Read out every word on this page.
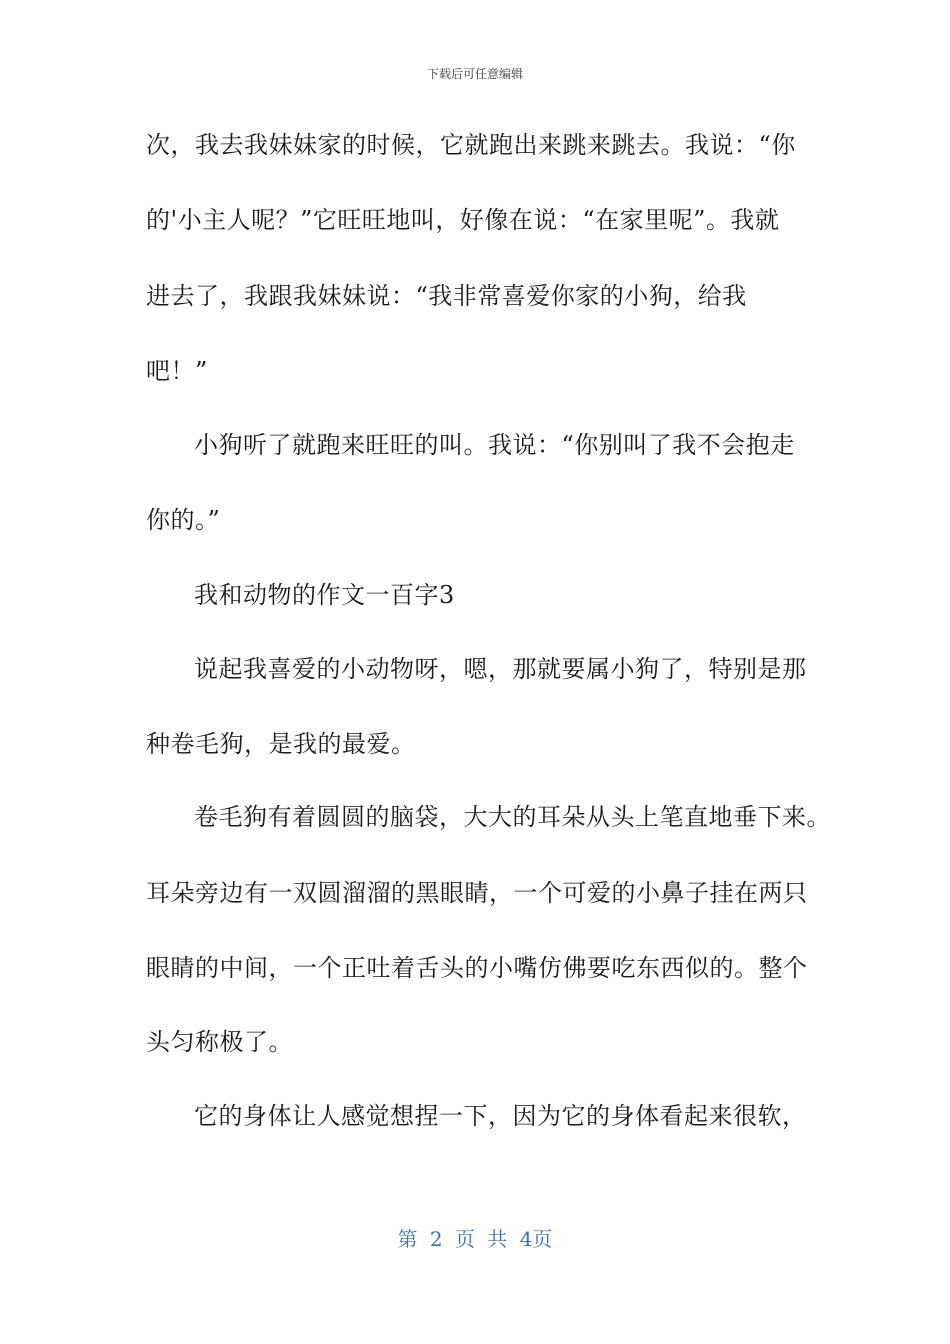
下载后可任意编辑
次，我去我妹妹家的时候，它就跑出来跳来跳去。我说：“你
的'小主人呢？”它旺旺地叫，好像在说：“在家里呢”。我就
进去了，我跟我妹妹说：“我非常喜爱你家的小狗，给我
吧！”
小狗听了就跑来旺旺的叫。我说：“你别叫了我不会抱走
你的。”
我和动物的作文一百字3
说起我喜爱的小动物呀，嗯，那就要属小狗了，特别是那
种卷毛狗，是我的最爱。
卷毛狗有着圆圆的脑袋，大大的耳朵从头上笔直地垂下来。
耳朵旁边有一双圆溜溜的黑眼睛，一个可爱的小鼻子挂在两只
眼睛的中间，一个正吐着舌头的小嘴仿佛要吃东西似的。整个
头匀称极了。
它的身体让人感觉想捏一下，因为它的身体看起来很软，
第 2 页 共 4页
